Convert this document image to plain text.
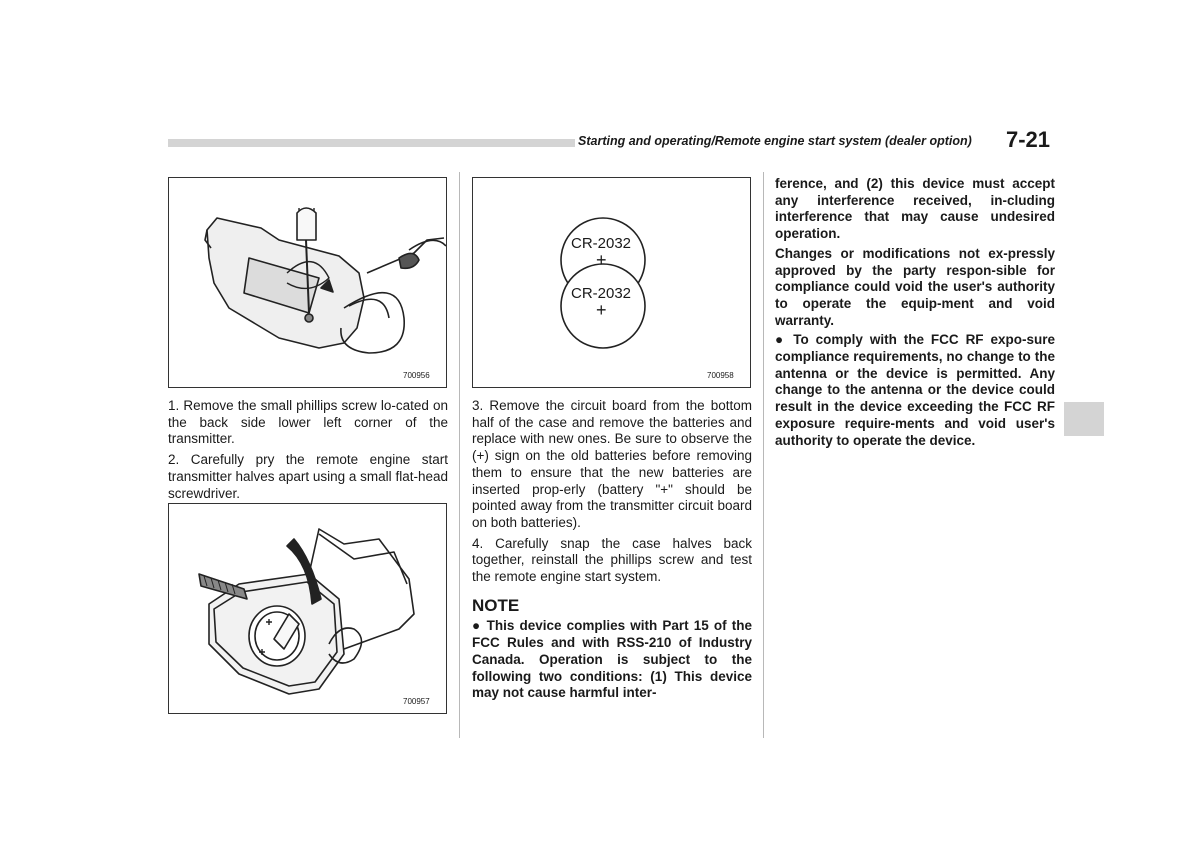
Starting and operating/Remote engine start system (dealer option) 7-21
700956
CR-2032
+
CR-2032
+
700958
700957

1. Remove the small phillips screw lo-cated on the back side lower left corner of the transmitter.

2. Carefully pry the remote engine start transmitter halves apart using a small flat-head screwdriver.

3. Remove the circuit board from the bottom half of the case and remove the batteries and replace with new ones. Be sure to observe the (+) sign on the old batteries before removing them to ensure that the new batteries are inserted prop-erly (battery "+" should be pointed away from the transmitter circuit board on both batteries).

4. Carefully snap the case halves back together, reinstall the phillips screw and test the remote engine start system.

NOTE

● This device complies with Part 15 of the FCC Rules and with RSS-210 of Industry Canada. Operation is subject to the following two conditions: (1) This device may not cause harmful inter-

ference, and (2) this device must accept any interference received, in-cluding interference that may cause undesired operation.

Changes or modifications not ex-pressly approved by the party respon-sible for compliance could void the user's authority to operate the equip-ment and void warranty.

● To comply with the FCC RF expo-sure compliance requirements, no change to the antenna or the device is permitted. Any change to the antenna or the device could result in the device exceeding the FCC RF exposure require-ments and void user's authority to operate the device.
